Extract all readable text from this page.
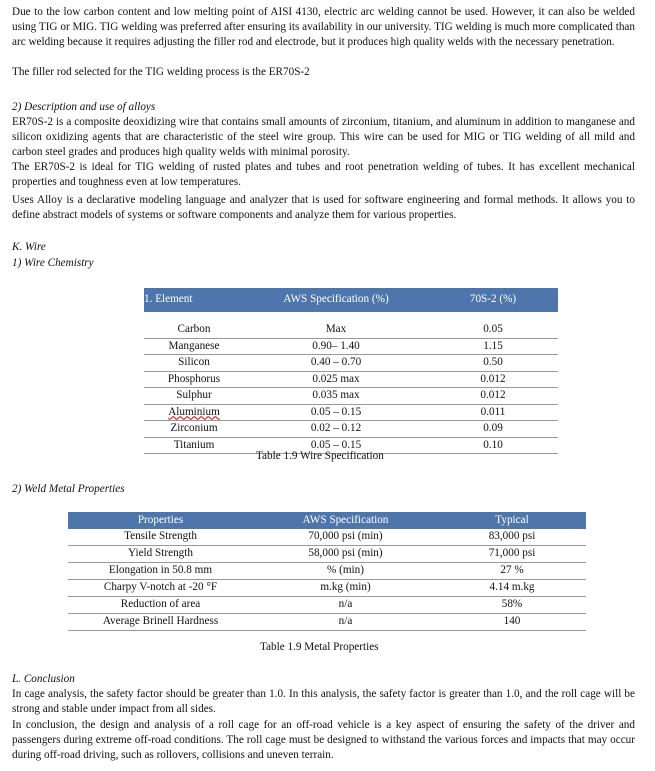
Due to the low carbon content and low melting point of AISI 4130, electric arc welding cannot be used. However, it can also be welded using TIG or MIG. TIG welding was preferred after ensuring its availability in our university. TIG welding is much more complicated than arc welding because it requires adjusting the filler rod and electrode, but it produces high quality welds with the necessary penetration.

The filler rod selected for the TIG welding process is the ER70S-2

2) Description and use of alloys

ER70S-2 is a composite deoxidizing wire that contains small amounts of zirconium, titanium, and aluminum in addition to manganese and silicon oxidizing agents that are characteristic of the steel wire group. This wire can be used for MIG or TIG welding of all mild and carbon steel grades and produces high quality welds with minimal porosity.

The ER70S-2 is ideal for TIG welding of rusted plates and tubes and root penetration welding of tubes. It has excellent mechanical properties and toughness even at low temperatures.

Uses Alloy is a declarative modeling language and analyzer that is used for software engineering and formal methods. It allows you to define abstract models of systems or software components and analyze them for various properties.

K. Wire

1) Wire Chemistry

1. Element	AWS Specification (%)	70S-2 (%)

Carbon	Max	0.05
Manganese	0.90– 1.40	1.15
Silicon	0.40 – 0.70	0.50
Phosphorus	0.025 max	0.012
Sulphur	0.035 max	0.012
Aluminium	0.05 – 0.15	0.011
Zirconium	0.02 – 0.12	0.09
Titanium	0.05 – 0.15	0.10
Table 1.9 Wire Specification

2) Weld Metal Properties

Properties	AWS Specification	Typical
Tensile Strength	70,000 psi (min)	83,000 psi
Yield Strength	58,000 psi (min)	71,000 psi
Elongation in 50.8 mm	% (min)	27 %
Charpy V-notch at -20 °F	m.kg (min)	4.14 m.kg
Reduction of area	n/a	58%
Average Brinell Hardness	n/a	140
Table 1.9 Metal Properties

L. Conclusion

In cage analysis, the safety factor should be greater than 1.0. In this analysis, the safety factor is greater than 1.0, and the roll cage will be strong and stable under impact from all sides.

In conclusion, the design and analysis of a roll cage for an off-road vehicle is a key aspect of ensuring the safety of the driver and passengers during extreme off-road conditions. The roll cage must be designed to withstand the various forces and impacts that may occur during off-road driving, such as rollovers, collisions and uneven terrain.
